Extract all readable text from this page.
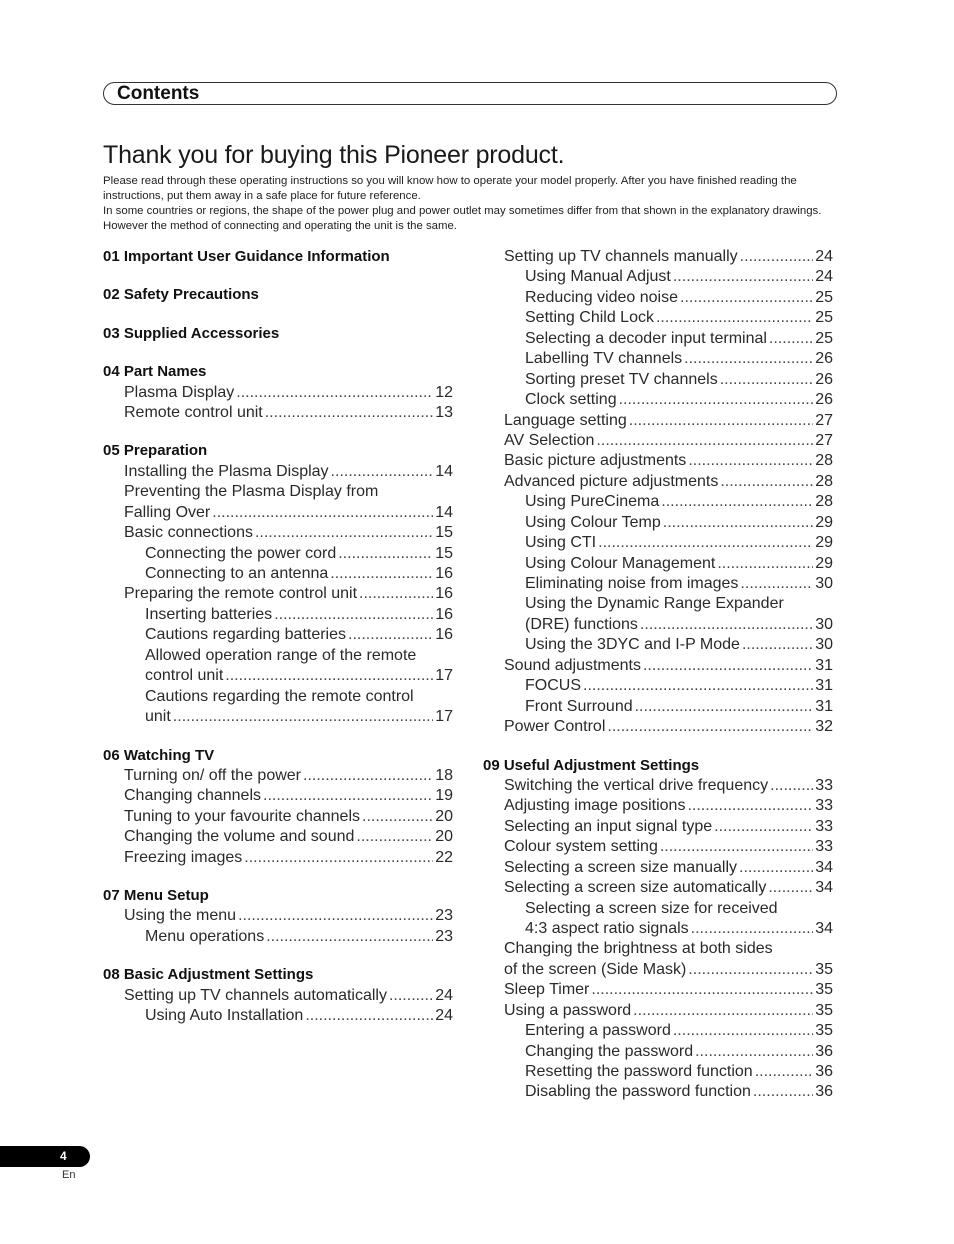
Contents
Thank you for buying this Pioneer product.

Please read through these operating instructions so you will know how to operate your model properly. After you have finished reading the instructions, put them away in a safe place for future reference.

In some countries or regions, the shape of the power plug and power outlet may sometimes differ from that shown in the explanatory drawings. However the method of connecting and operating the unit is the same.

01 Important User Guidance Information
02 Safety Precautions
03 Supplied Accessories
04 Part Names
Plasma Display .....	12
Remote control unit .....	13
05 Preparation
Installing the Plasma Display .....	14
Preventing the Plasma Display from
Falling Over .....	14
Basic connections .....	15
Connecting the power cord .....	15
Connecting to an antenna .....	16
Preparing the remote control unit .....	16
Inserting batteries .....	16
Cautions regarding batteries .....	16
Allowed operation range of the remote
control unit .....	17
Cautions regarding the remote control
unit .....	17
06 Watching TV
Turning on/ off the power .....	18
Changing channels .....	19
Tuning to your favourite channels .....	20
Changing the volume and sound .....	20
Freezing images .....	22
07 Menu Setup
Using the menu .....	23
Menu operations .....	23
08 Basic Adjustment Settings
Setting up TV channels automatically .....	24
Using Auto Installation .....	24
Setting up TV channels manually .....	24
Using Manual Adjust .....	24
Reducing video noise .....	25
Setting Child Lock .....	25
Selecting a decoder input terminal .....	25
Labelling TV channels .....	26
Sorting preset TV channels .....	26
Clock setting .....	26
Language setting .....	27
AV Selection .....	27
Basic picture adjustments .....	28
Advanced picture adjustments .....	28
Using PureCinema .....	28
Using Colour Temp .....	29
Using CTI .....	29
Using Colour Management .....	29
Eliminating noise from images .....	30
Using the Dynamic Range Expander
(DRE) functions .....	30
Using the 3DYC and I-P Mode .....	30
Sound adjustments .....	31
FOCUS .....	31
Front Surround .....	31
Power Control .....	32
09 Useful Adjustment Settings
Switching the vertical drive frequency .....	33
Adjusting image positions .....	33
Selecting an input signal type .....	33
Colour system setting .....	33
Selecting a screen size manually .....	34
Selecting a screen size automatically .....	34
Selecting a screen size for received
4:3 aspect ratio signals .....	34
Changing the brightness at both sides
of the screen (Side Mask) .....	35
Sleep Timer .....	35
Using a password .....	35
Entering a password .....	35
Changing the password .....	36
Resetting the password function .....	36
Disabling the password function .....	36
4
En
